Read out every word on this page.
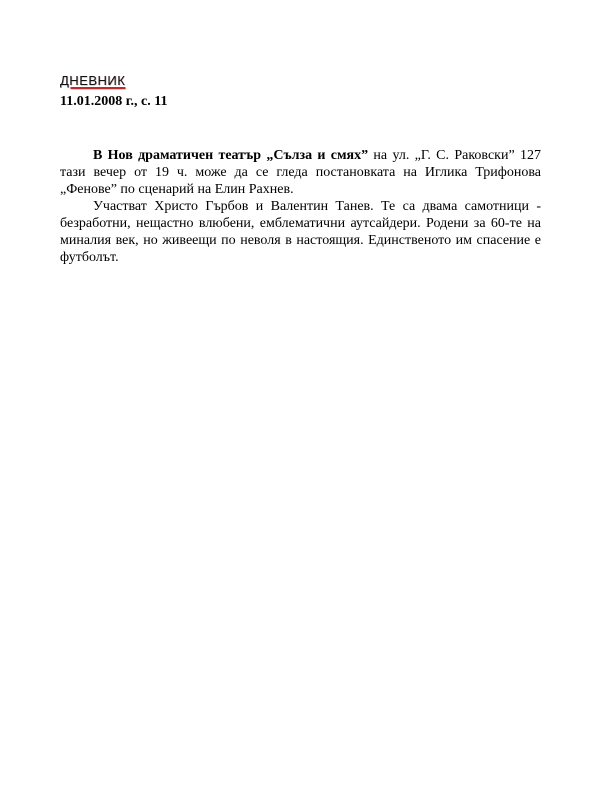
ДНЕВНИК
11.01.2008 г., с. 11

В Нов драматичен театър „Сълза и смях” на ул. „Г. С. Раковски” 127 тази вечер от 19 ч. може да се гледа постановката на Иглика Трифонова „Фенове” по сценарий на Елин Рахнев.

Участват Христо Гърбов и Валентин Танев. Те са двама самотници - безработни, нещастно влюбени, емблематични аутсайдери. Родени за 60-те на миналия век, но живеещи по неволя в настоящия. Единственото им спасение е футболът.
